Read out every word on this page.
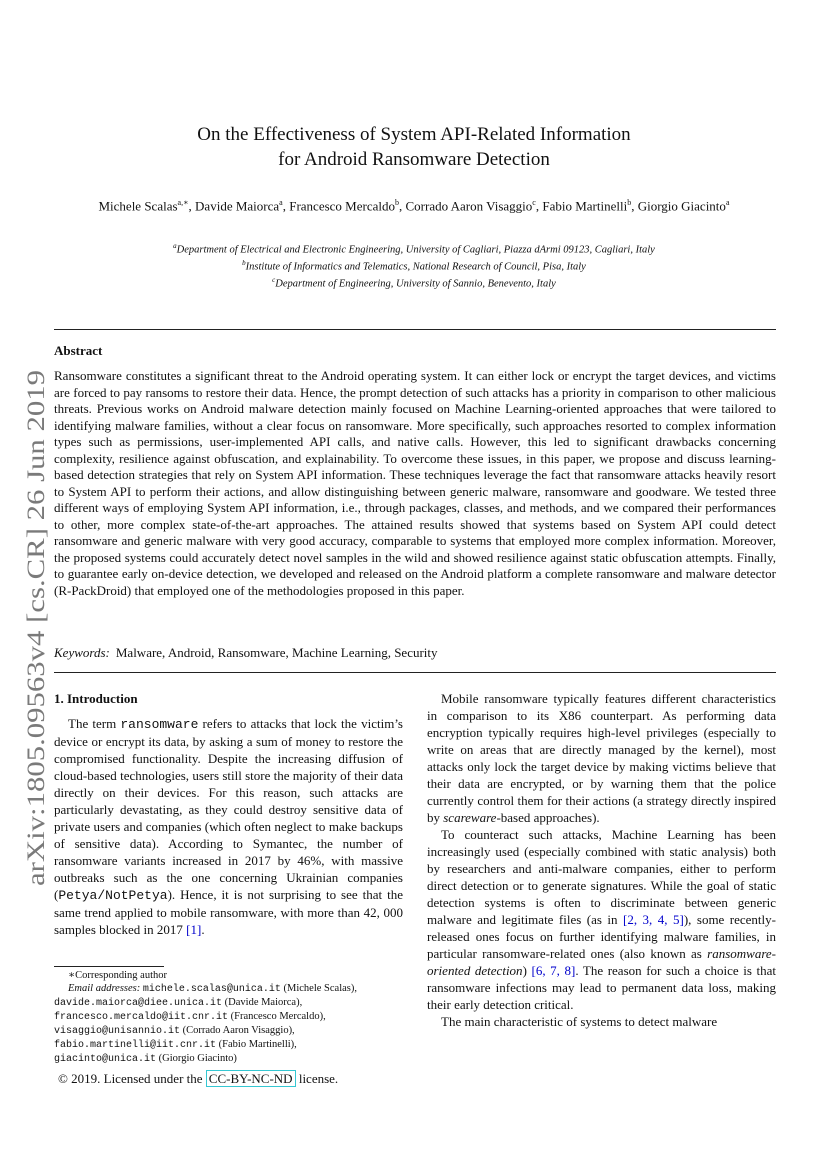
arXiv:1805.09563v4 [cs.CR] 26 Jun 2019
On the Effectiveness of System API-Related Information
for Android Ransomware Detection
Michele Scalas$^{a,∗}$, Davide Maiorca$^a$, Francesco Mercaldo$^b$, Corrado Aaron Visaggio$^c$, Fabio Martinelli$^b$, Giorgio Giacinto$^a$
$^a$Department of Electrical and Electronic Engineering, University of Cagliari, Piazza dArmi 09123, Cagliari, Italy
$^b$Institute of Informatics and Telematics, National Research of Council, Pisa, Italy
$^c$Department of Engineering, University of Sannio, Benevento, Italy
Abstract

Ransomware constitutes a significant threat to the Android operating system. It can either lock or encrypt the target devices, and victims are forced to pay ransoms to restore their data. Hence, the prompt detection of such attacks has a priority in comparison to other malicious threats. Previous works on Android malware detection mainly focused on Machine Learning-oriented approaches that were tailored to identifying malware families, without a clear focus on ransomware. More specifically, such approaches resorted to complex information types such as permissions, user-implemented API calls, and native calls. However, this led to significant drawbacks concerning complexity, resilience against obfuscation, and explainability. To overcome these issues, in this paper, we propose and discuss learning-based detection strategies that rely on System API information. These techniques leverage the fact that ransomware attacks heavily resort to System API to perform their actions, and allow distinguishing between generic malware, ransomware and goodware. We tested three different ways of employing System API information, i.e., through packages, classes, and methods, and we compared their performances to other, more complex state-of-the-art approaches. The attained results showed that systems based on System API could detect ransomware and generic malware with very good accuracy, comparable to systems that employed more complex information. Moreover, the proposed systems could accurately detect novel samples in the wild and showed resilience against static obfuscation attempts. Finally, to guarantee early on-device detection, we developed and released on the Android platform a complete ransomware and malware detector (R-PackDroid) that employed one of the methodologies proposed in this paper.

Keywords: Malware, Android, Ransomware, Machine Learning, Security
1. Introduction

The term ransomware refers to attacks that lock the victim’s device or encrypt its data, by asking a sum of money to restore the compromised functionality. Despite the increasing diffusion of cloud-based technologies, users still store the majority of their data directly on their devices. For this reason, such attacks are particularly devastating, as they could destroy sensitive data of private users and companies (which often neglect to make backups of sensitive data). According to Symantec, the number of ransomware variants increased in 2017 by 46%, with massive outbreaks such as the one concerning Ukrainian companies (Petya/NotPetya). Hence, it is not surprising to see that the same trend applied to mobile ransomware, with more than 42, 000 samples blocked in 2017 [1].

Mobile ransomware typically features different characteristics in comparison to its X86 counterpart. As performing data encryption typically requires high-level privileges (especially to write on areas that are directly managed by the kernel), most attacks only lock the target device by making victims believe that their data are encrypted, or by warning them that the police currently control them for their actions (a strategy directly inspired by scareware-based approaches).

To counteract such attacks, Machine Learning has been increasingly used (especially combined with static analysis) both by researchers and anti-malware companies, either to perform direct detection or to generate signatures. While the goal of static detection systems is often to discriminate between generic malware and legitimate files (as in [2, 3, 4, 5]), some recently-released ones focus on further identifying malware families, in particular ransomware-related ones (also known as ransomware-oriented detection) [6, 7, 8]. The reason for such a choice is that ransomware infections may lead to permanent data loss, making their early detection critical.

The main characteristic of systems to detect malware

∗Corresponding author
Email addresses: michele.scalas@unica.it (Michele Scalas),
davide.maiorca@diee.unica.it (Davide Maiorca),
francesco.mercaldo@iit.cnr.it (Francesco Mercaldo),
visaggio@unisannio.it (Corrado Aaron Visaggio),
fabio.martinelli@iit.cnr.it (Fabio Martinelli),
giacinto@unica.it (Giorgio Giacinto)
© 2019. Licensed under the CC-BY-NC-ND license.
